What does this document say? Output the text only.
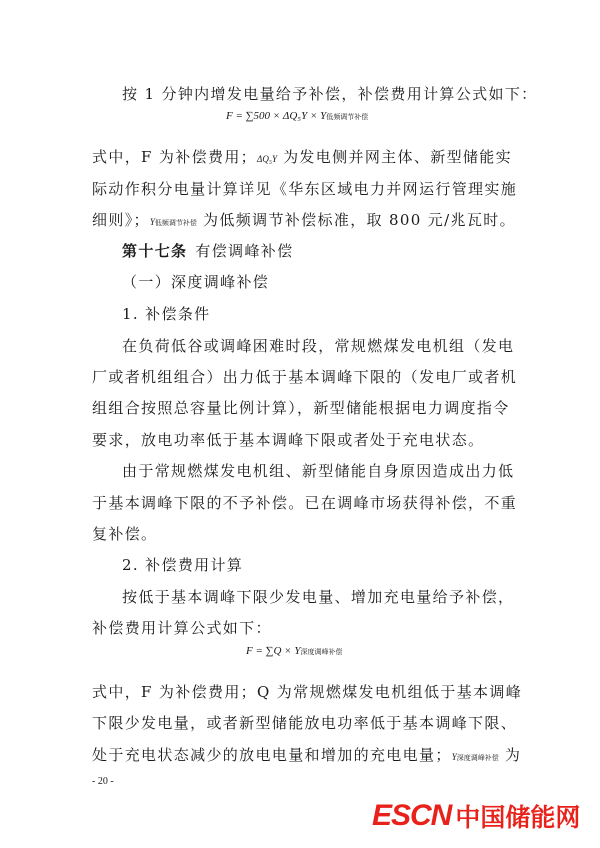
按 1 分钟内增发电量给予补偿，补偿费用计算公式如下：
F = ∑500 × ΔQ₅Y × Y低频调节补偿
式中，F 为补偿费用；ΔQ₅Y 为发电侧并网主体、新型储能实
际动作积分电量计算详见《华东区域电力并网运行管理实施
细则》；Y低频调节补偿 为低频调节补偿标准，取 800 元/兆瓦时。
第十七条 有偿调峰补偿
（一）深度调峰补偿
1. 补偿条件
在负荷低谷或调峰困难时段，常规燃煤发电机组（发电
厂或者机组组合）出力低于基本调峰下限的（发电厂或者机
组组合按照总容量比例计算），新型储能根据电力调度指令
要求，放电功率低于基本调峰下限或者处于充电状态。
由于常规燃煤发电机组、新型储能自身原因造成出力低
于基本调峰下限的不予补偿。已在调峰市场获得补偿，不重
复补偿。
2. 补偿费用计算
按低于基本调峰下限少发电量、增加充电量给予补偿，
补偿费用计算公式如下：
F = ∑Q × Y深度调峰补偿
式中，F 为补偿费用；Q 为常规燃煤发电机组低于基本调峰
下限少发电量，或者新型储能放电功率低于基本调峰下限、
处于充电状态减少的放电电量和增加的充电电量；Y深度调峰补偿 为
- 20 -
ESCN 中国储能网
